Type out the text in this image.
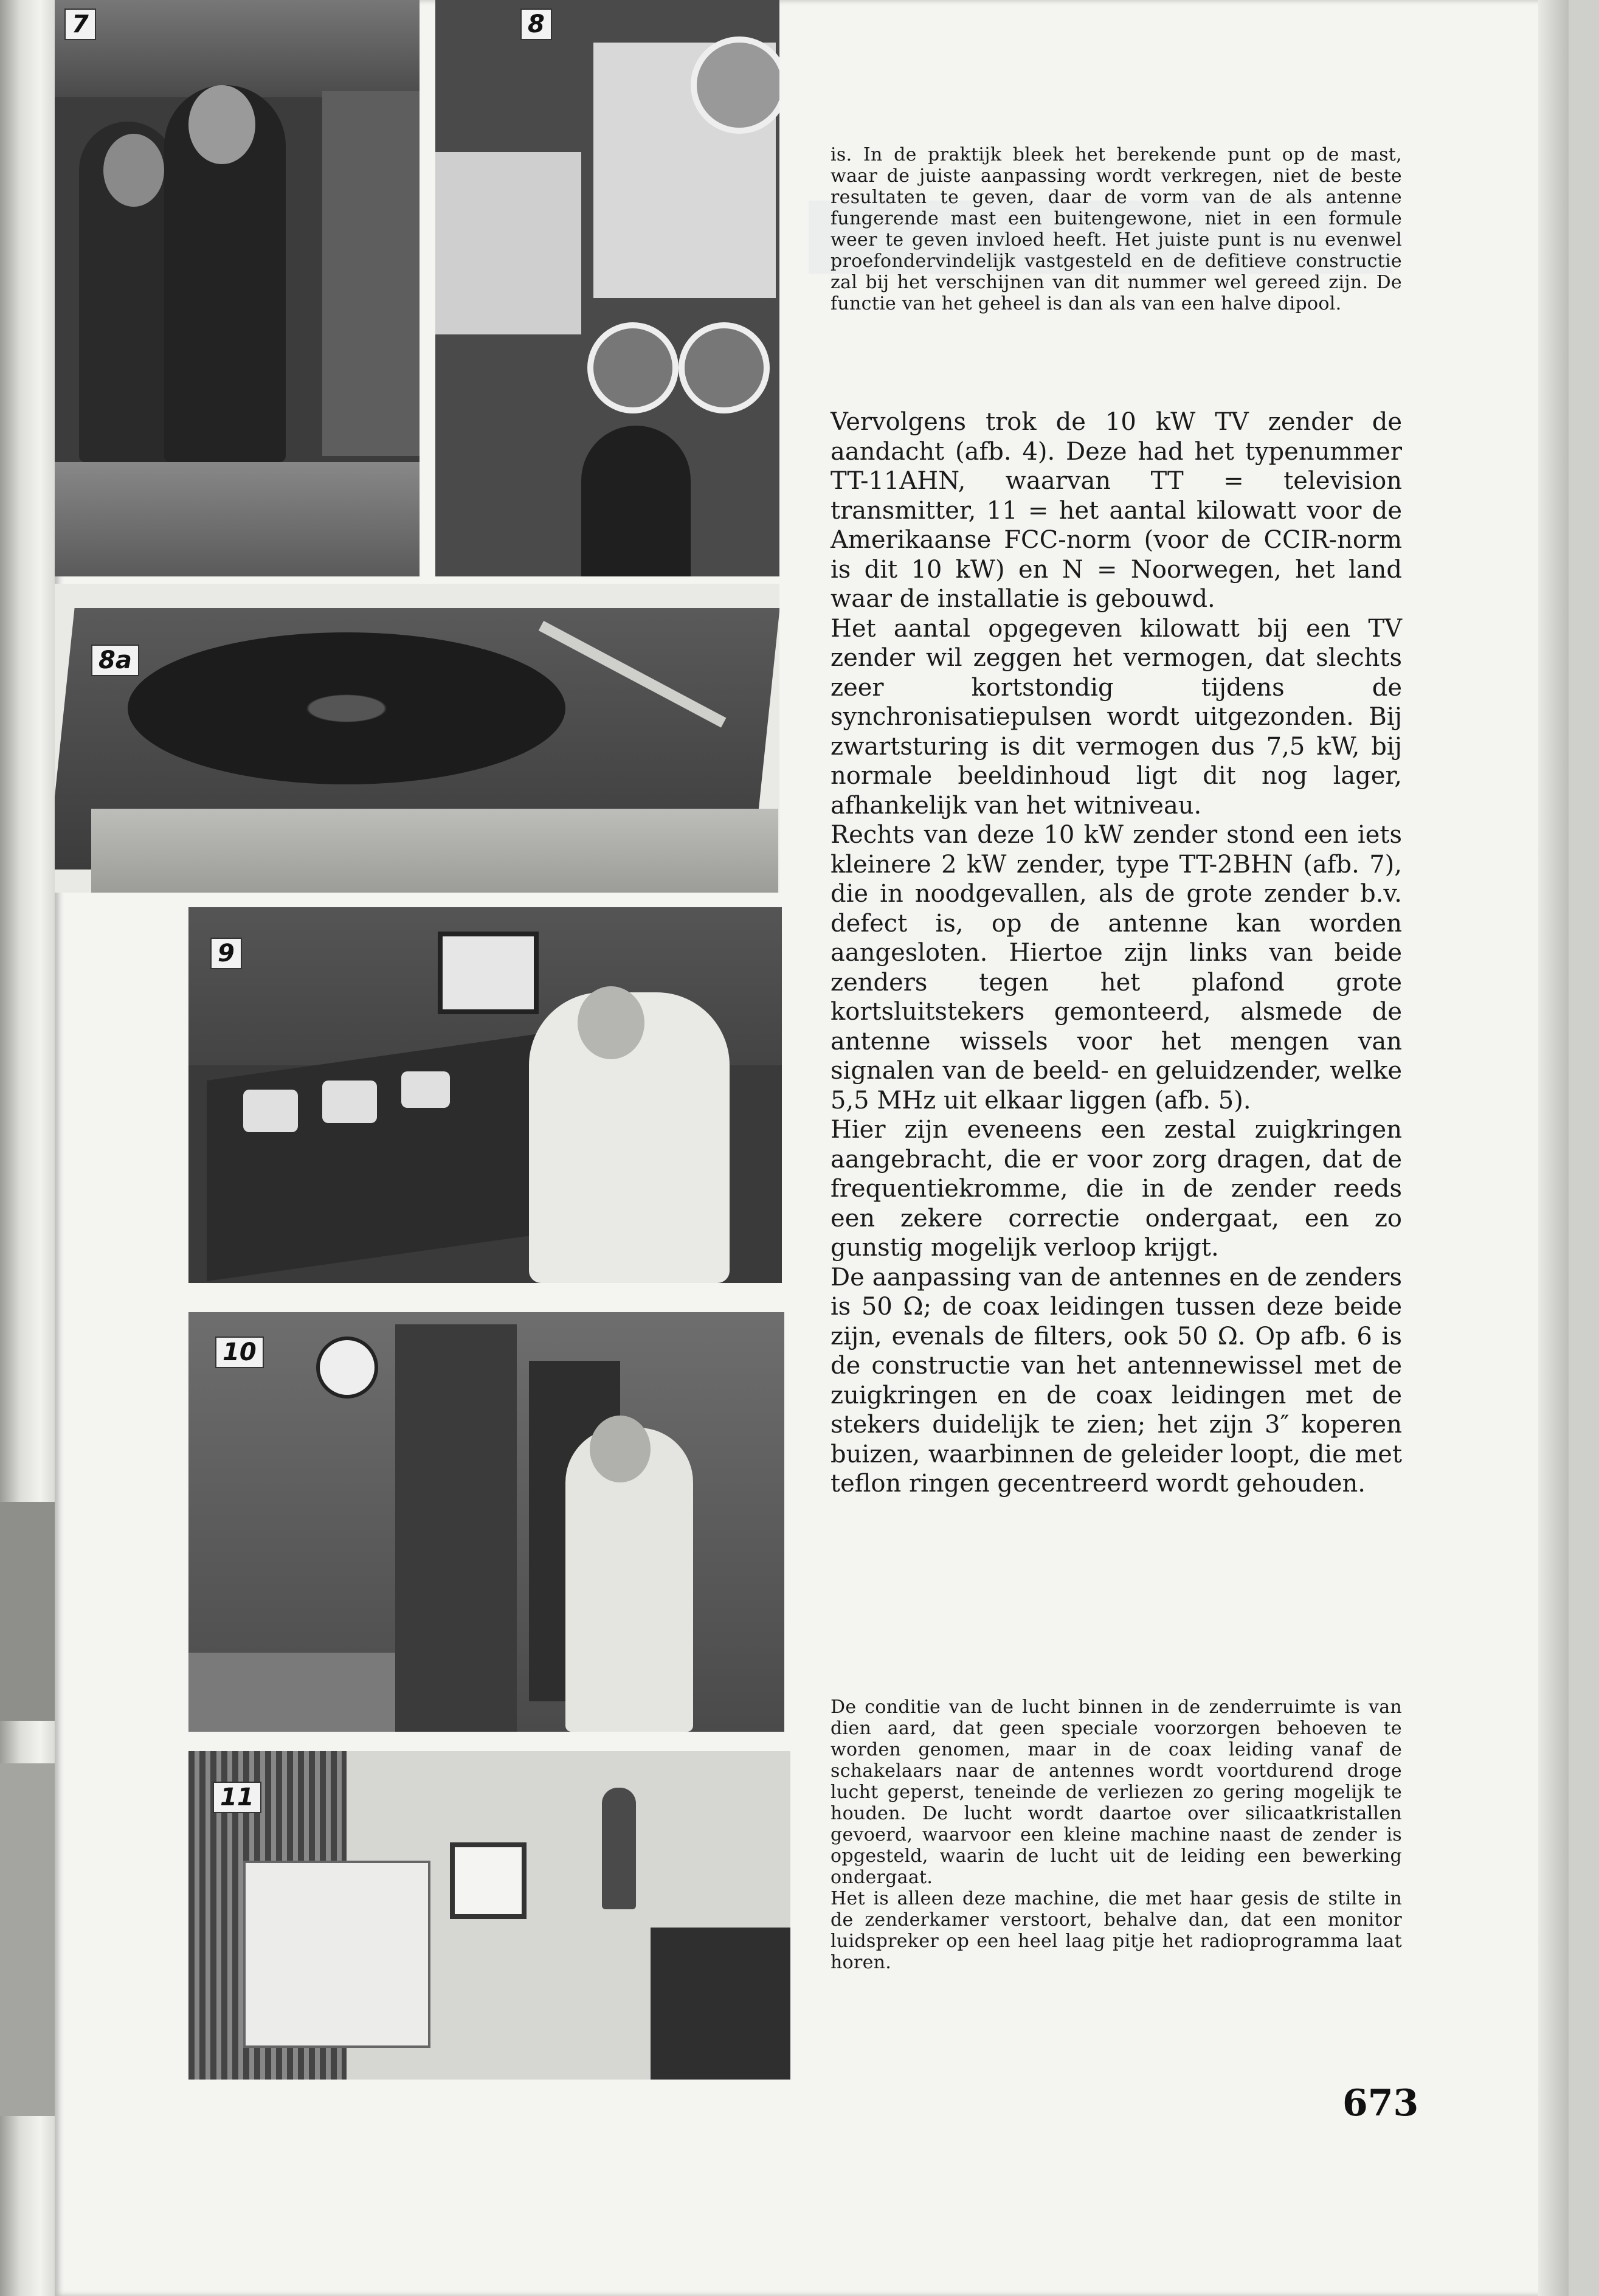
7	8
8a
9
10
11

is. In de praktijk bleek het berekende punt op de mast, waar de juiste aanpassing wordt verkregen, niet de beste resultaten te geven, daar de vorm van de als antenne fungerende mast een buitengewone, niet in een formule weer te geven invloed heeft. Het juiste punt is nu evenwel proefondervindelijk vastgesteld en de defitieve constructie zal bij het verschijnen van dit nummer wel gereed zijn. De functie van het geheel is dan als van een halve dipool.

Vervolgens trok de 10 kW TV zender de aandacht (afb. 4). Deze had het typenummer TT-11AHN, waarvan TT = television transmitter, 11 = het aantal kilowatt voor de Amerikaanse FCC-norm (voor de CCIR-norm is dit 10 kW) en N = Noorwegen, het land waar de installatie is gebouwd.

Het aantal opgegeven kilowatt bij een TV zender wil zeggen het vermogen, dat slechts zeer kortstondig tijdens de synchronisatiepulsen wordt uitgezonden. Bij zwartsturing is dit vermogen dus 7,5 kW, bij normale beeldinhoud ligt dit nog lager, afhankelijk van het witniveau.

Rechts van deze 10 kW zender stond een iets kleinere 2 kW zender, type TT-2BHN (afb. 7), die in noodgevallen, als de grote zender b.v. defect is, op de antenne kan worden aangesloten. Hiertoe zijn links van beide zenders tegen het plafond grote kortsluitstekers gemonteerd, alsmede de antenne wissels voor het mengen van signalen van de beeld- en geluidzender, welke 5,5 MHz uit elkaar liggen (afb. 5).

Hier zijn eveneens een zestal zuigkringen aangebracht, die er voor zorg dragen, dat de frequentiekromme, die in de zender reeds een zekere correctie ondergaat, een zo gunstig mogelijk verloop krijgt.

De aanpassing van de antennes en de zenders is 50 Ω; de coax leidingen tussen deze beide zijn, evenals de filters, ook 50 Ω. Op afb. 6 is de constructie van het antennewissel met de zuigkringen en de coax leidingen met de stekers duidelijk te zien; het zijn 3″ koperen buizen, waarbinnen de geleider loopt, die met teflon ringen gecentreerd wordt gehouden.

De conditie van de lucht binnen in de zenderruimte is van dien aard, dat geen speciale voorzorgen behoeven te worden genomen, maar in de coax leiding vanaf de schakelaars naar de antennes wordt voortdurend droge lucht geperst, teneinde de verliezen zo gering mogelijk te houden. De lucht wordt daartoe over silicaatkristallen gevoerd, waarvoor een kleine machine naast de zender is opgesteld, waarin de lucht uit de leiding een bewerking ondergaat.

Het is alleen deze machine, die met haar gesis de stilte in de zenderkamer verstoort, behalve dan, dat een monitor luidspreker op een heel laag pitje het radioprogramma laat horen.

673
